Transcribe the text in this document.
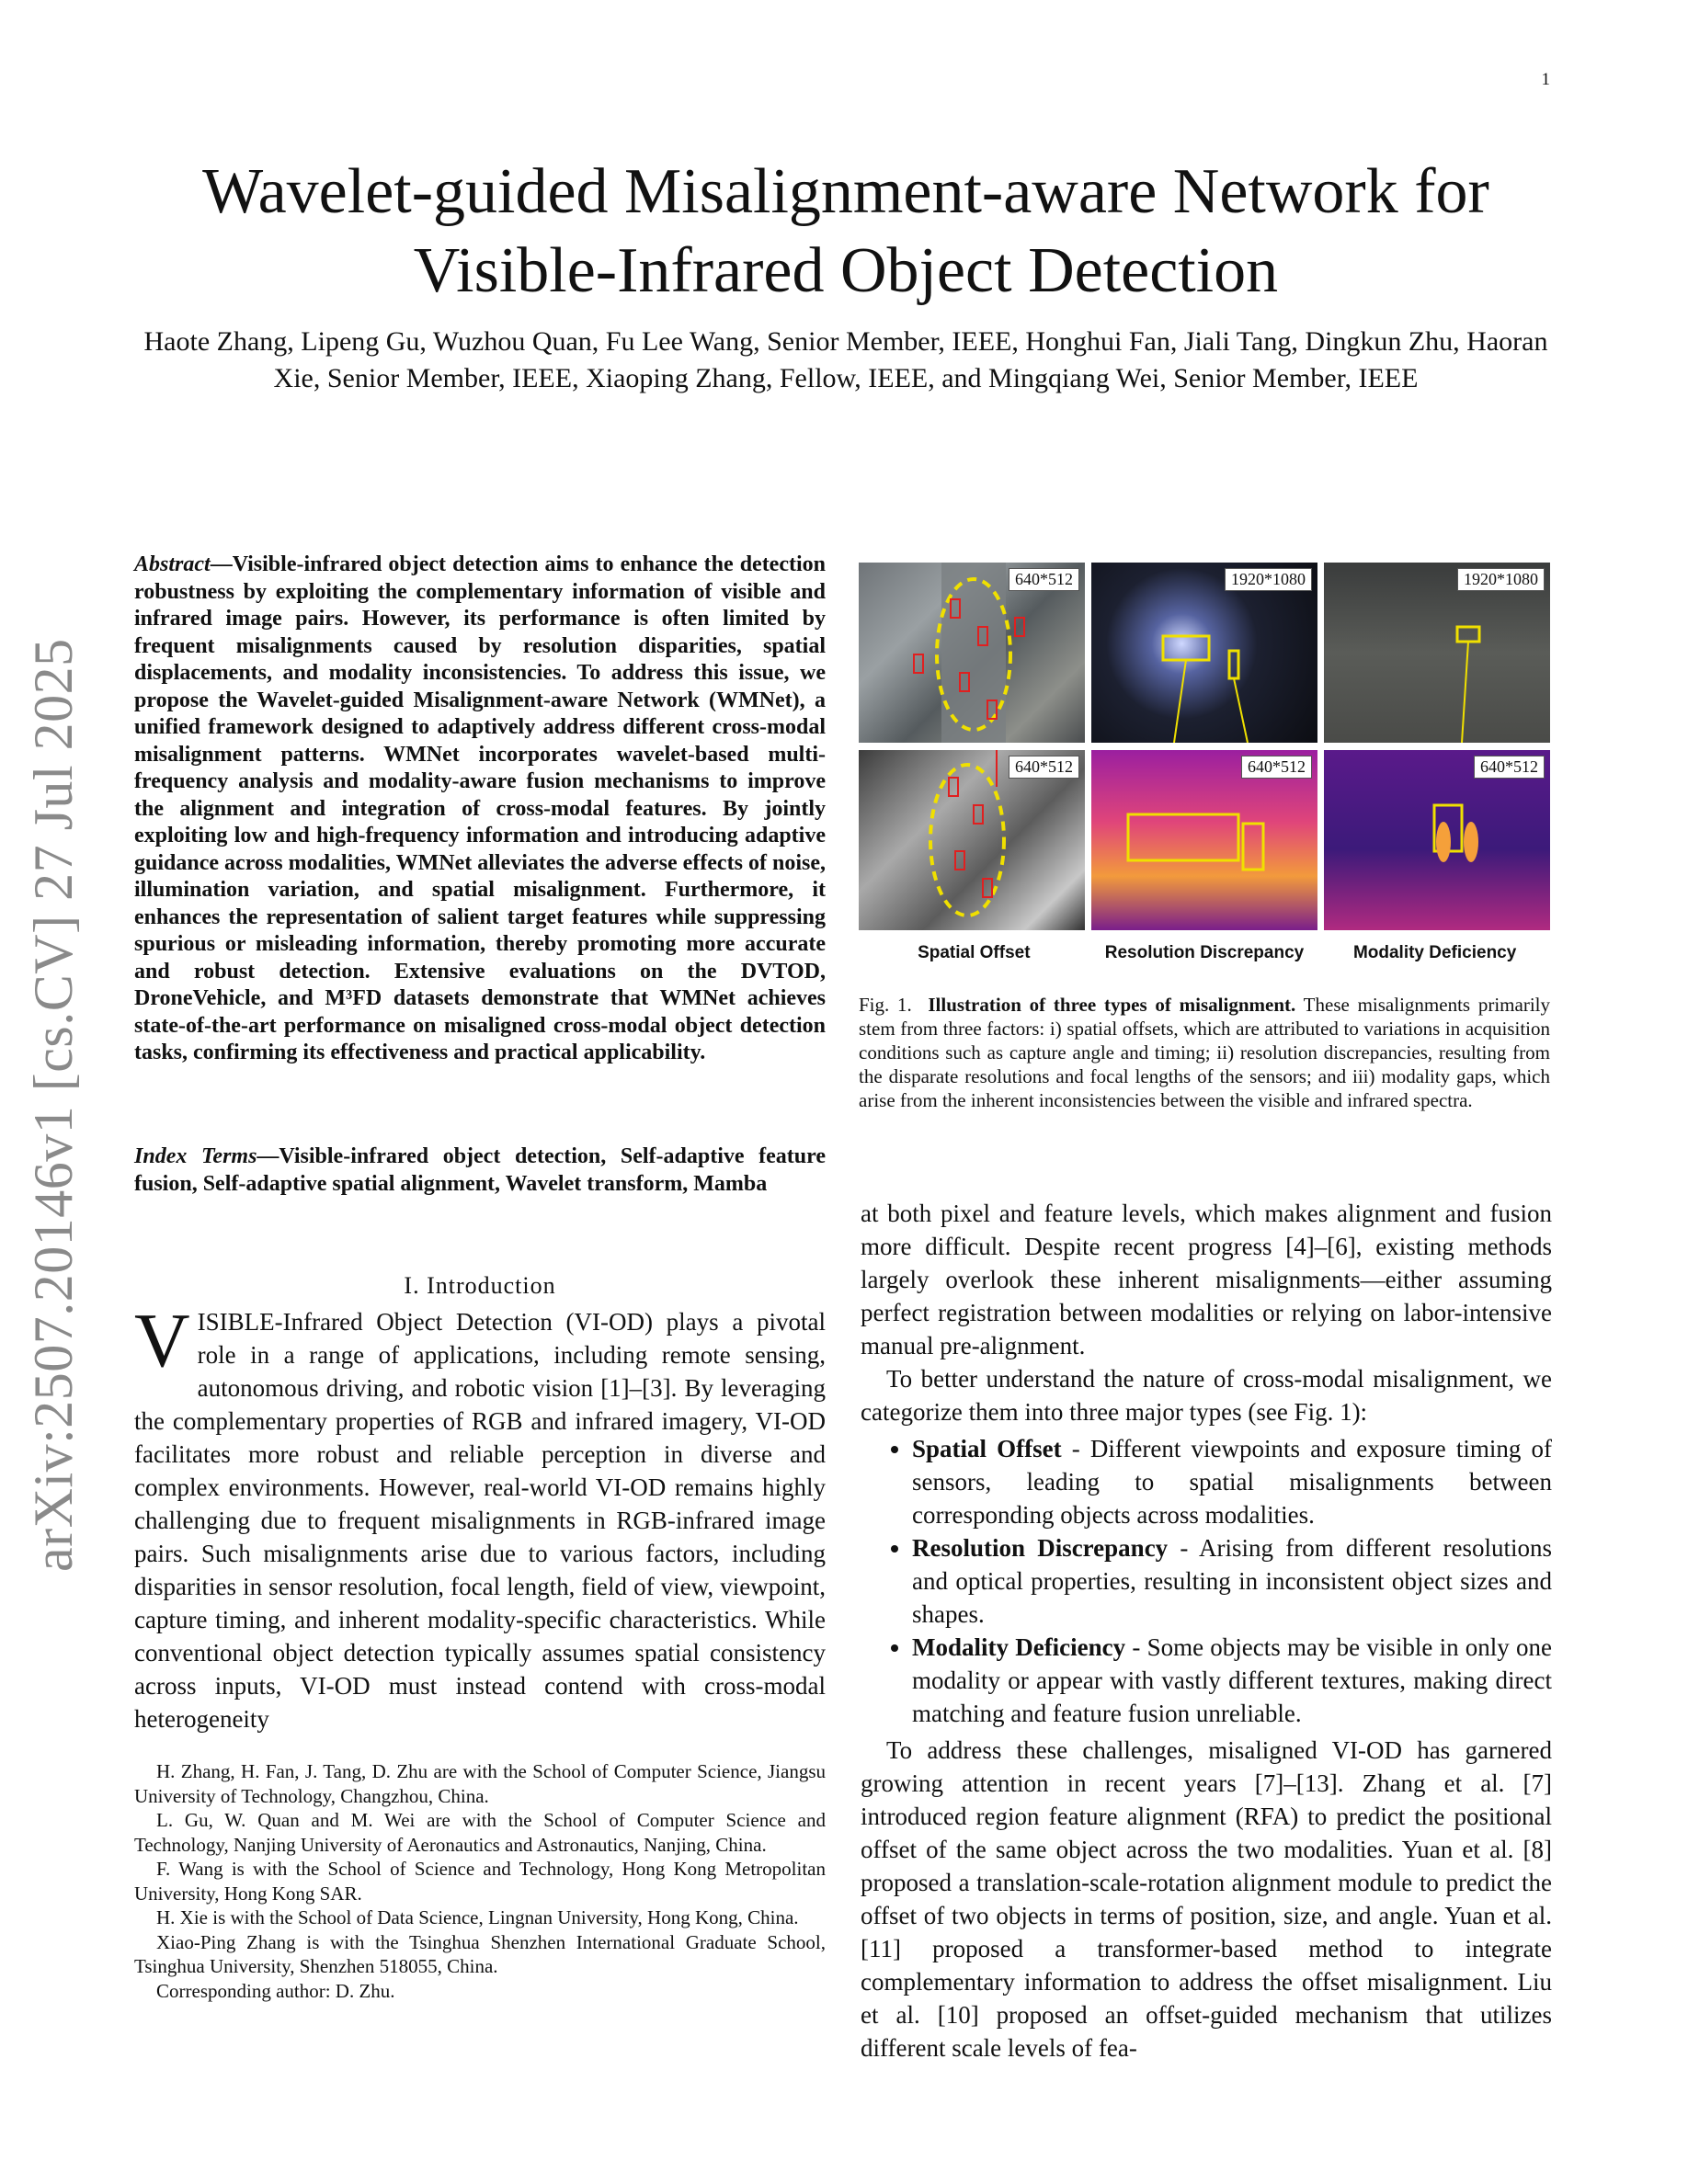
1
arXiv:2507.20146v1 [cs.CV] 27 Jul 2025
Wavelet-guided Misalignment-aware Network for Visible-Infrared Object Detection
Haote Zhang, Lipeng Gu, Wuzhou Quan, Fu Lee Wang, Senior Member, IEEE, Honghui Fan, Jiali Tang, Dingkun Zhu, Haoran Xie, Senior Member, IEEE, Xiaoping Zhang, Fellow, IEEE, and Mingqiang Wei, Senior Member, IEEE
Abstract—Visible-infrared object detection aims to enhance the detection robustness by exploiting the complementary information of visible and infrared image pairs. However, its performance is often limited by frequent misalignments caused by resolution disparities, spatial displacements, and modality inconsistencies. To address this issue, we propose the Wavelet-guided Misalignment-aware Network (WMNet), a unified framework designed to adaptively address different cross-modal misalignment patterns. WMNet incorporates wavelet-based multi-frequency analysis and modality-aware fusion mechanisms to improve the alignment and integration of cross-modal features. By jointly exploiting low and high-frequency information and introducing adaptive guidance across modalities, WMNet alleviates the adverse effects of noise, illumination variation, and spatial misalignment. Furthermore, it enhances the representation of salient target features while suppressing spurious or misleading information, thereby promoting more accurate and robust detection. Extensive evaluations on the DVTOD, DroneVehicle, and M³FD datasets demonstrate that WMNet achieves state-of-the-art performance on misaligned cross-modal object detection tasks, confirming its effectiveness and practical applicability.
Index Terms—Visible-infrared object detection, Self-adaptive feature fusion, Self-adaptive spatial alignment, Wavelet transform, Mamba
I. Introduction
VISIBLE-Infrared Object Detection (VI-OD) plays a pivotal role in a range of applications, including remote sensing, autonomous driving, and robotic vision [1]–[3]. By leveraging the complementary properties of RGB and infrared imagery, VI-OD facilitates more robust and reliable perception in diverse and complex environments. However, real-world VI-OD remains highly challenging due to frequent misalignments in RGB-infrared image pairs. Such misalignments arise due to various factors, including disparities in sensor resolution, focal length, field of view, viewpoint, capture timing, and inherent modality-specific characteristics. While conventional object detection typically assumes spatial consistency across inputs, VI-OD must instead contend with cross-modal heterogeneity

H. Zhang, H. Fan, J. Tang, D. Zhu are with the School of Computer Science, Jiangsu University of Technology, Changzhou, China.

L. Gu, W. Quan and M. Wei are with the School of Computer Science and Technology, Nanjing University of Aeronautics and Astronautics, Nanjing, China.

F. Wang is with the School of Science and Technology, Hong Kong Metropolitan University, Hong Kong SAR.

H. Xie is with the School of Data Science, Lingnan University, Hong Kong, China.

Xiao-Ping Zhang is with the Tsinghua Shenzhen International Graduate School, Tsinghua University, Shenzhen 518055, China.

Corresponding author: D. Zhu.

640*512	1920*1080	1920*1080
640*512	640*512	640*512
Spatial Offset	Resolution Discrepancy	Modality Deficiency
Fig. 1. Illustration of three types of misalignment. These misalignments primarily stem from three factors: i) spatial offsets, which are attributed to variations in acquisition conditions such as capture angle and timing; ii) resolution discrepancies, resulting from the disparate resolutions and focal lengths of the sensors; and iii) modality gaps, which arise from the inherent inconsistencies between the visible and infrared spectra.

at both pixel and feature levels, which makes alignment and fusion more difficult. Despite recent progress [4]–[6], existing methods largely overlook these inherent misalignments—either assuming perfect registration between modalities or relying on labor-intensive manual pre-alignment.

To better understand the nature of cross-modal misalignment, we categorize them into three major types (see Fig. 1):

• Spatial Offset - Different viewpoints and exposure timing of sensors, leading to spatial misalignments between corresponding objects across modalities.
• Resolution Discrepancy - Arising from different resolutions and optical properties, resulting in inconsistent object sizes and shapes.
• Modality Deficiency - Some objects may be visible in only one modality or appear with vastly different textures, making direct matching and feature fusion unreliable.

To address these challenges, misaligned VI-OD has garnered growing attention in recent years [7]–[13]. Zhang et al. [7] introduced region feature alignment (RFA) to predict the positional offset of the same object across the two modalities. Yuan et al. [8] proposed a translation-scale-rotation alignment module to predict the offset of two objects in terms of position, size, and angle. Yuan et al. [11] proposed a transformer-based method to integrate complementary information to address the offset misalignment. Liu et al. [10] proposed an offset-guided mechanism that utilizes different scale levels of fea-
